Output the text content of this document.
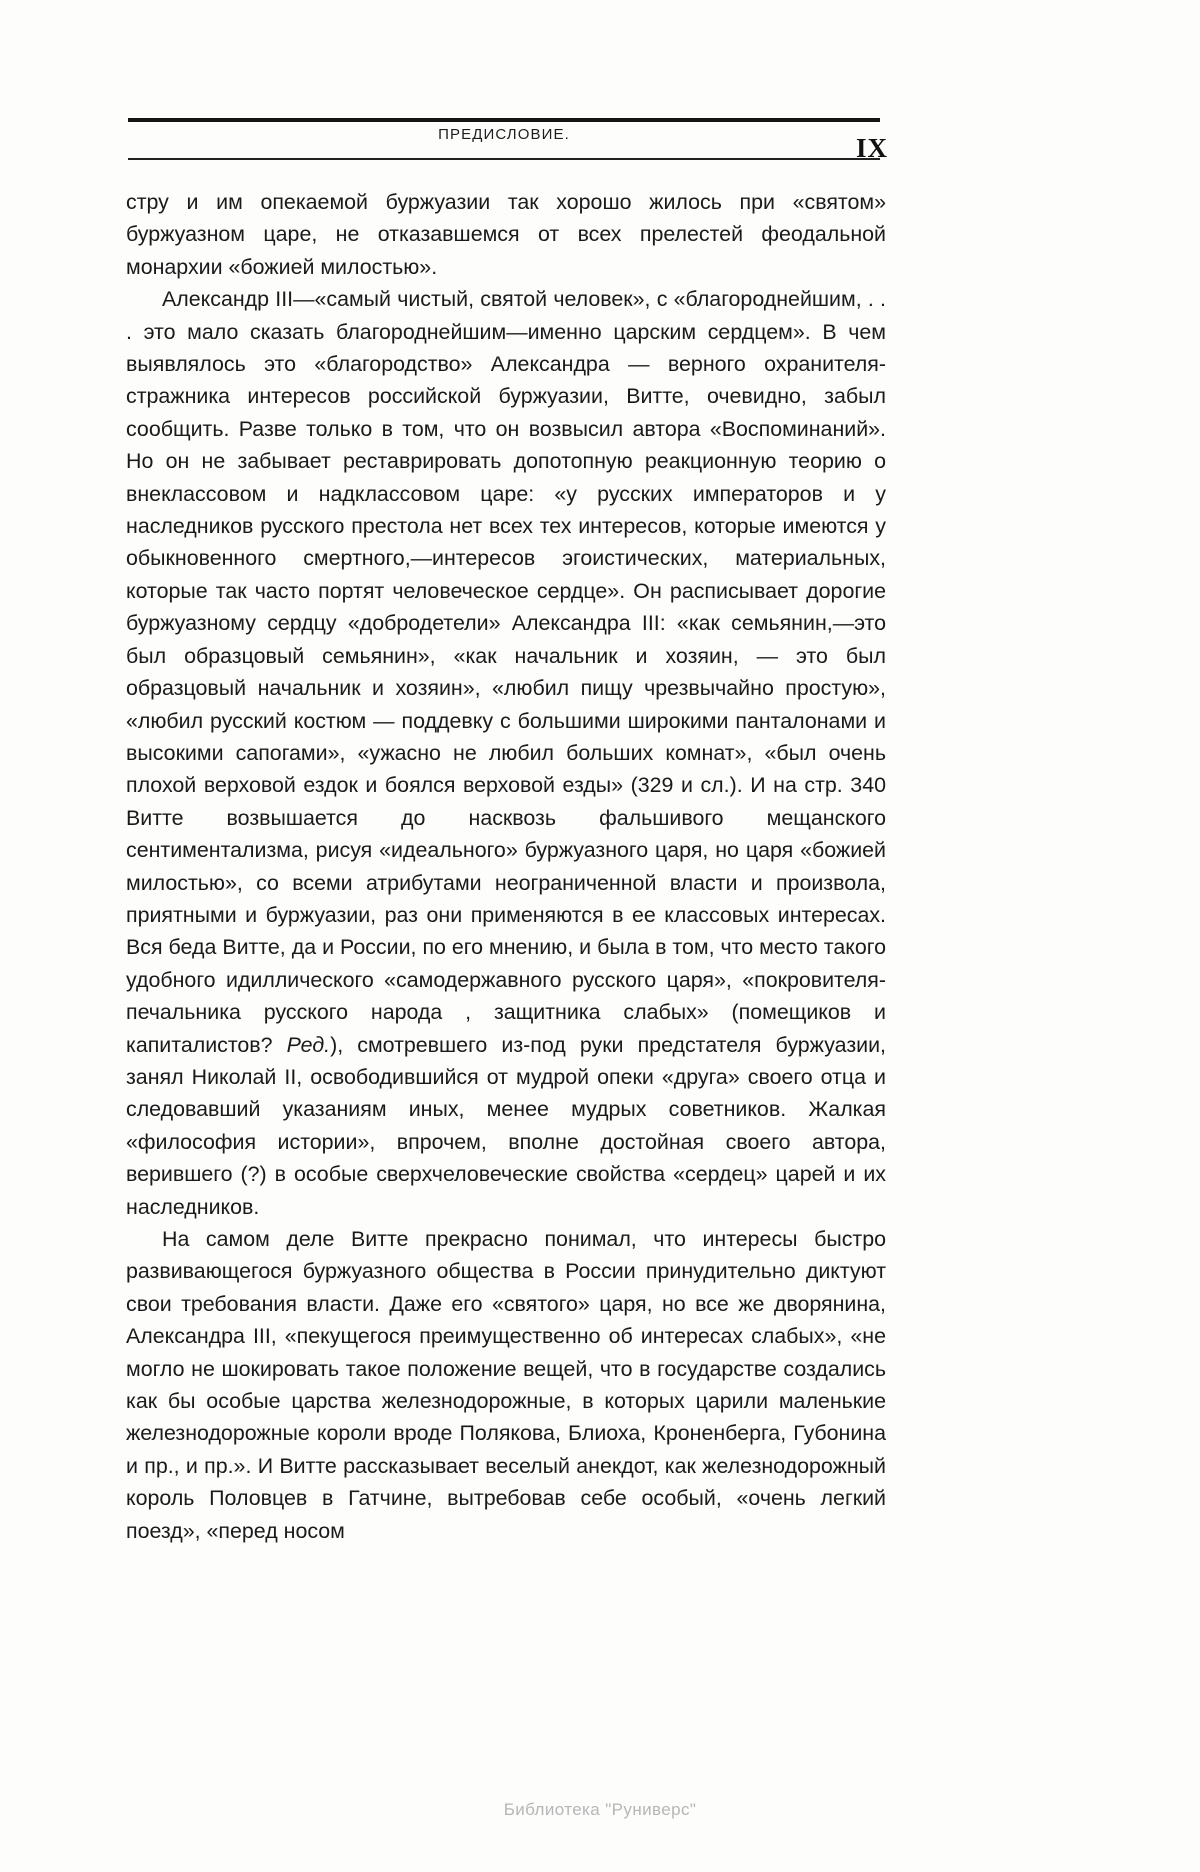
ПРЕДИСЛОВИЕ.	IX

стру и им опекаемой буржуазии так хорошо жилось при «святом» буржуазном царе, не отказавшемся от всех прелестей феодальной монархии «божией милостью».

Александр III—«самый чистый, святой человек», с «благороднейшим, . . . это мало сказать благороднейшим—именно царским сердцем». В чем выявлялось это «благородство» Александра — верного охранителя-стражника интересов российской буржуазии, Витте, очевидно, забыл сообщить. Разве только в том, что он возвысил автора «Воспоминаний». Но он не забывает реставрировать допотопную реакционную теорию о внеклассовом и надклассовом царе: «у русских императоров и у наследников русского престола нет всех тех интересов, которые имеются у обыкновенного смертного,—интересов эгоистических, материальных, которые так часто портят человеческое сердце». Он расписывает дорогие буржуазному сердцу «добродетели» Александра III: «как семьянин,—это был образцовый семьянин», «как начальник и хозяин, — это был образцовый начальник и хозяин», «любил пищу чрезвычайно простую», «любил русский костюм — поддевку с большими широкими панталонами и высокими сапогами», «ужасно не любил больших комнат», «был очень плохой верховой ездок и боялся верховой езды» (329 и сл.). И на стр. 340 Витте возвышается до насквозь фальшивого мещанского сентиментализма, рисуя «идеального» буржуазного царя, но царя «божией милостью», со всеми атрибутами неограниченной власти и произвола, приятными и буржуазии, раз они применяются в ее классовых интересах. Вся беда Витте, да и России, по его мнению, и была в том, что место такого удобного идиллического «самодержавного русского царя», «покровителя-печальника русского народа , защитника слабых» (помещиков и капиталистов? Ред.), смотревшего из-под руки предстателя буржуазии, занял Николай II, освободившийся от мудрой опеки «друга» своего отца и следовавший указаниям иных, менее мудрых советников. Жалкая «философия истории», впрочем, вполне достойная своего автора, верившего (?) в особые сверхчеловеческие свойства «сердец» царей и их наследников.

На самом деле Витте прекрасно понимал, что интересы быстро развивающегося буржуазного общества в России принудительно диктуют свои требования власти. Даже его «святого» царя, но все же дворянина, Александра III, «пекущегося преимущественно об интересах слабых», «не могло не шокировать такое положение вещей, что в государстве создались как бы особые царства железнодорожные, в которых царили маленькие железнодорожные короли вроде Полякова, Блиоха, Кроненберга, Губонина и пр., и пр.». И Витте рассказывает веселый анекдот, как железнодорожный король Половцев в Гатчине, вытребовав себе особый, «очень легкий поезд», «перед носом

Библиотека "Руниверс"
